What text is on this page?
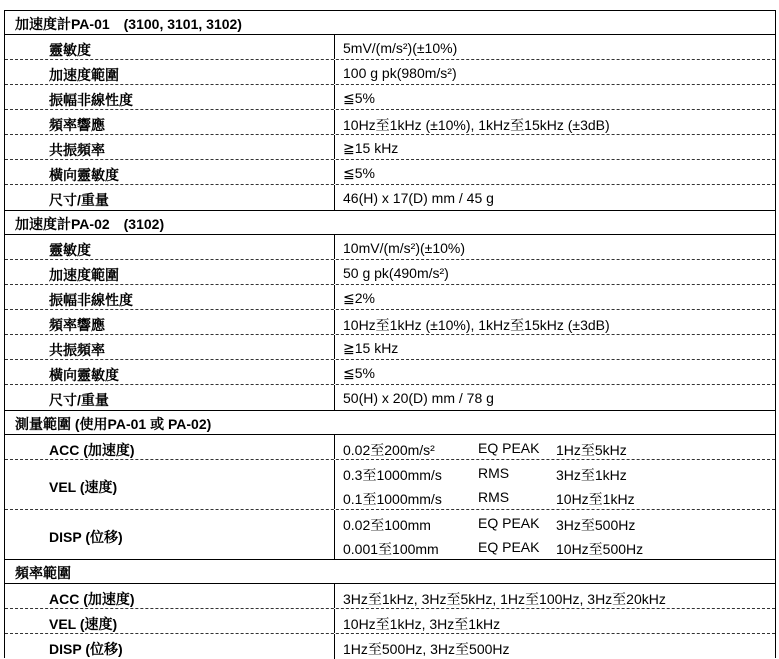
加速度計PA-01　(3100, 3101, 3102)
靈敏度	5mV/(m/s²)(±10%)
加速度範圍	100 g pk(980m/s²)
振幅非線性度	≦5%
頻率響應	10Hz至1kHz (±10%), 1kHz至15kHz (±3dB)
共振頻率	≧15 kHz
橫向靈敏度	≦5%
尺寸/重量	46(H) x 17(D) mm / 45 g
加速度計PA-02　(3102)
靈敏度	10mV/(m/s²)(±10%)
加速度範圍	50 g pk(490m/s²)
振幅非線性度	≦2%
頻率響應	10Hz至1kHz (±10%), 1kHz至15kHz (±3dB)
共振頻率	≧15 kHz
橫向靈敏度	≦5%
尺寸/重量	50(H) x 20(D) mm / 78 g
測量範圍 (使用PA-01 或 PA-02)
ACC (加速度)	0.02至200m/s²	EQ PEAK 1Hz至5kHz
VEL (速度)
0.3至1000mm/s	RMS	3Hz至1kHz
0.1至1000mm/s	RMS	10Hz至1kHz
DISP (位移)
0.02至100mm	EQ PEAK 3Hz至500Hz
0.001至100mm	EQ PEAK 10Hz至500Hz
頻率範圍
ACC (加速度)	3Hz至1kHz, 3Hz至5kHz, 1Hz至100Hz, 3Hz至20kHz
VEL (速度)	10Hz至1kHz, 3Hz至1kHz
DISP (位移)	1Hz至500Hz, 3Hz至500Hz
